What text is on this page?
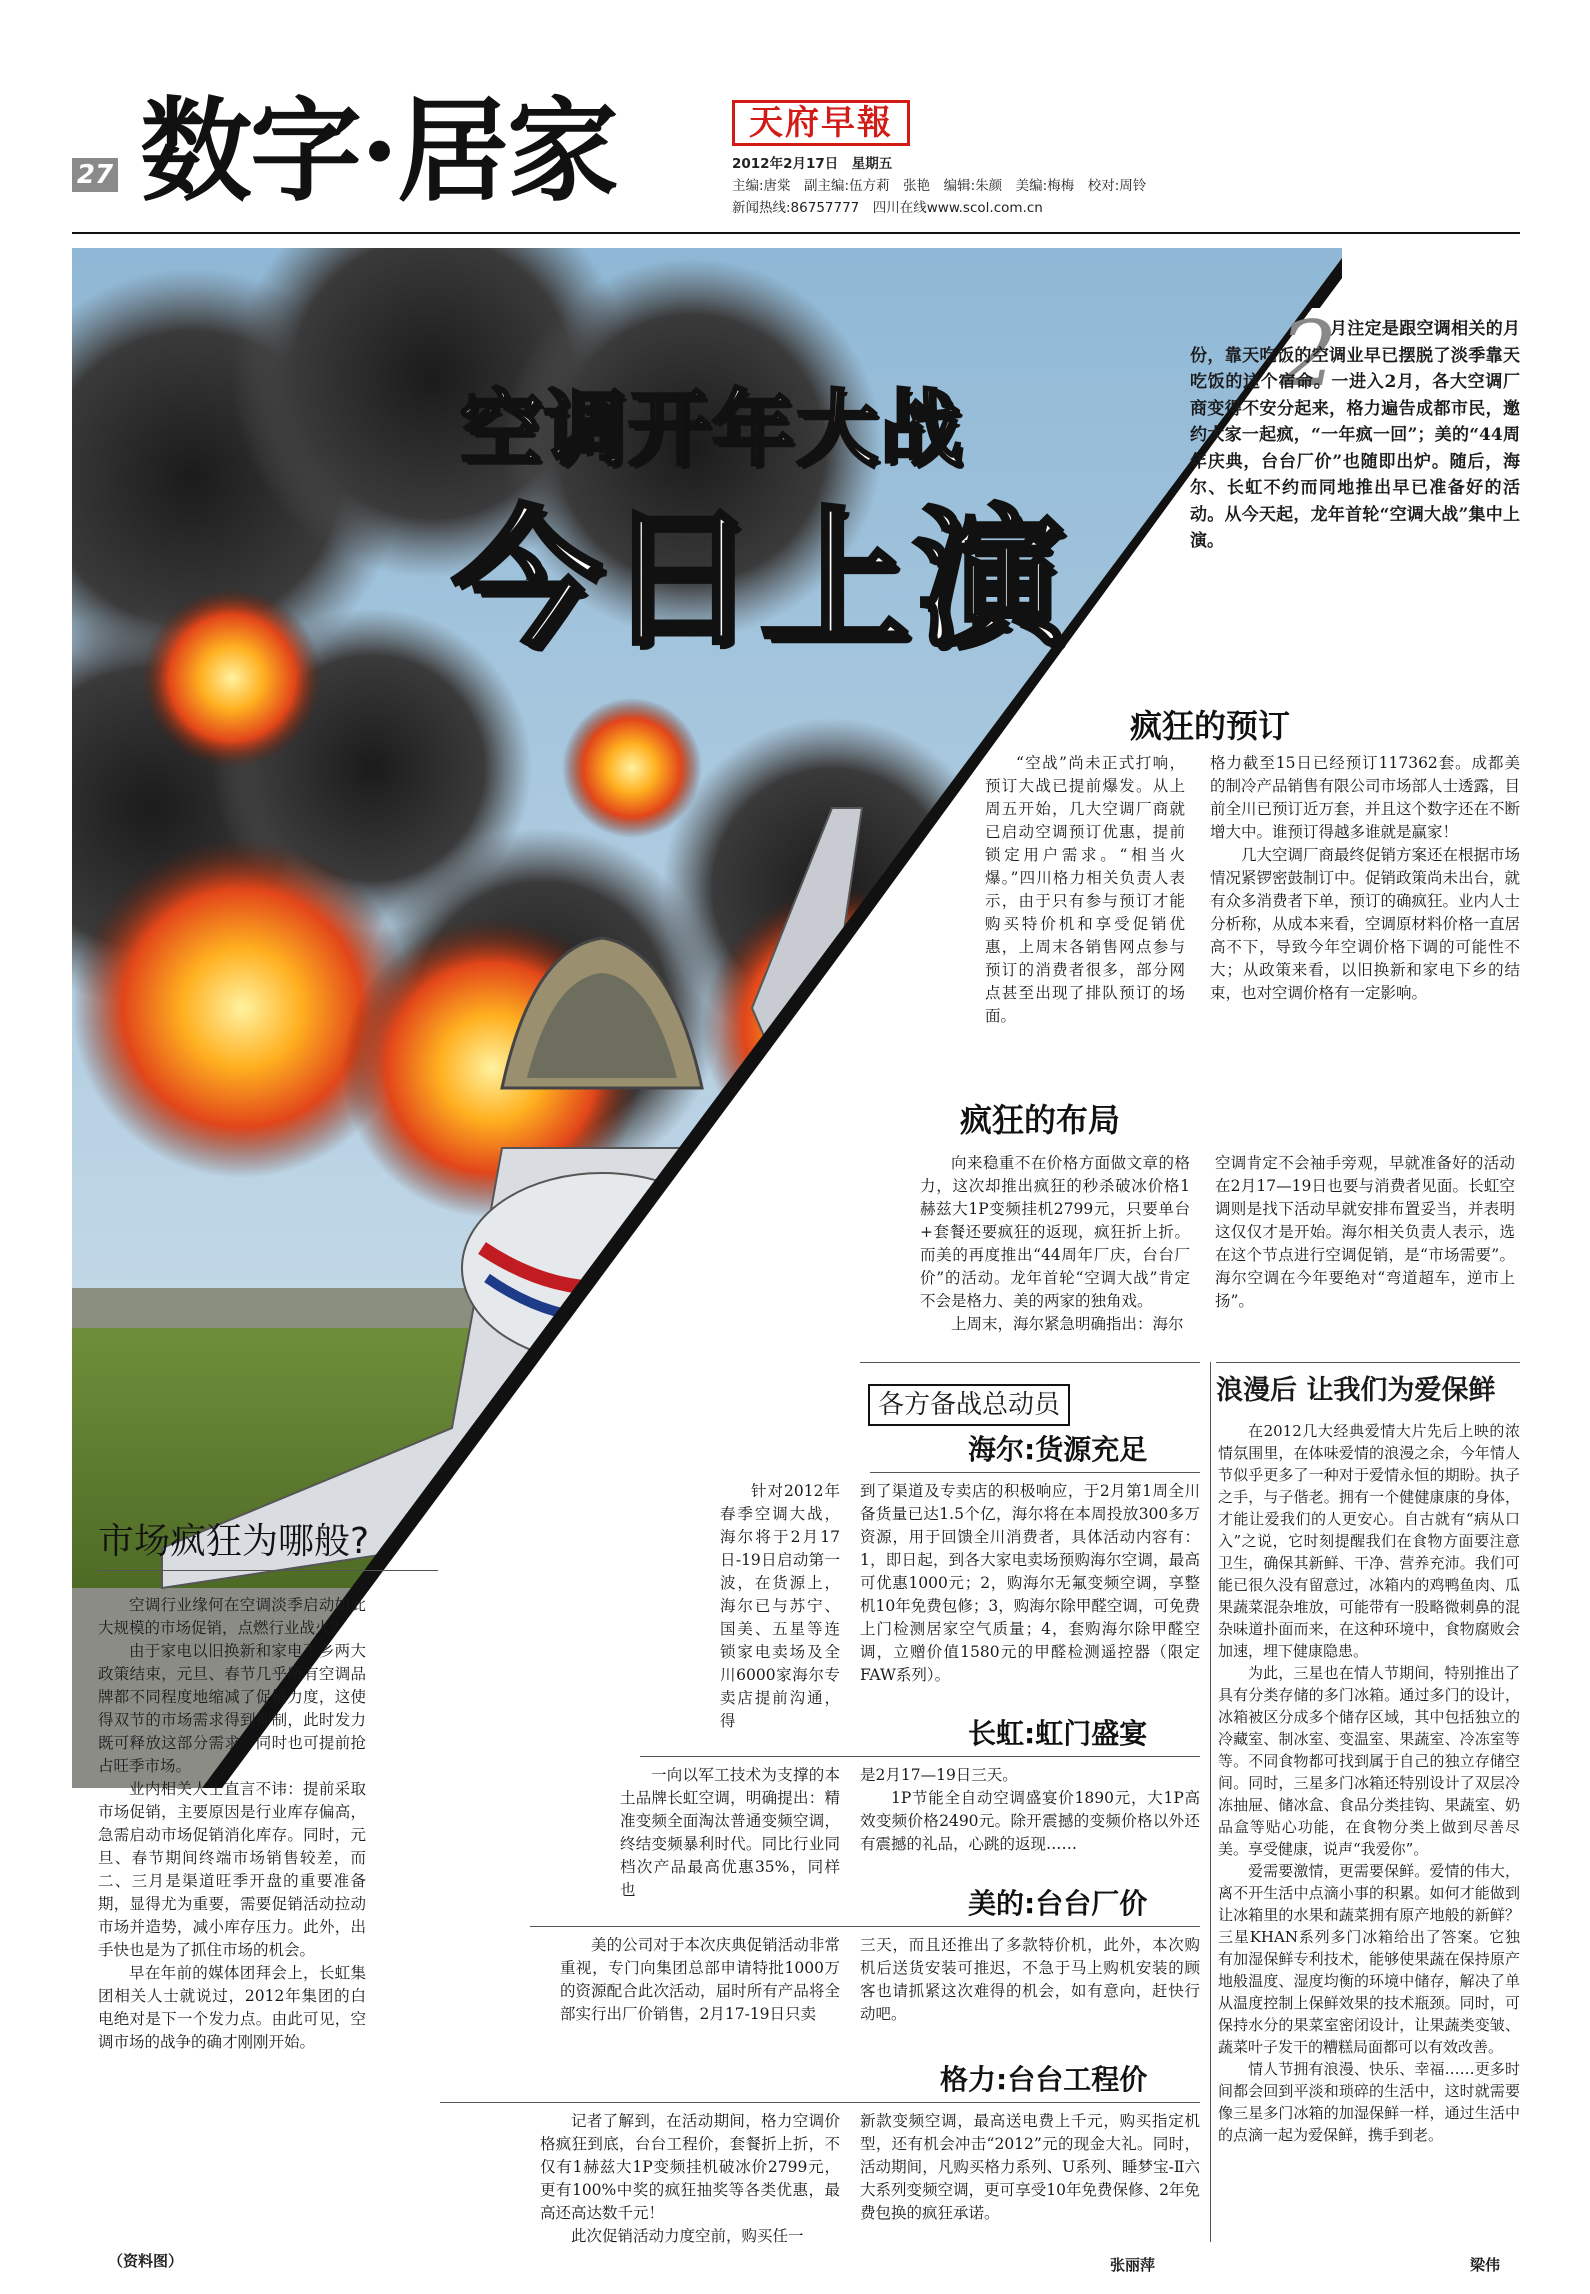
27 数字·居家	天府早報
2012年2月17日　星期五
主编:唐棠　副主编:伍方莉　张艳　编辑:朱颜　美编:梅梅　校对:周铃
新闻热线:86757777　四川在线www.scol.com.cn
空调开年大战
今日上演
2

月注定是跟空调相关的月份，靠天吃饭的空调业早已摆脱了淡季靠天吃饭的这个宿命。一进入2月，各大空调厂商变得不安分起来，格力遍告成都市民，邀约大家一起疯，“一年疯一回”；美的“44周年庆典，台台厂价”也随即出炉。随后，海尔、长虹不约而同地推出早已准备好的活动。从今天起，龙年首轮“空调大战”集中上演。

疯狂的预订

“空战”尚未正式打响，预订大战已提前爆发。从上周五开始，几大空调厂商就已启动空调预订优惠，提前锁定用户需求。“相当火爆。”四川格力相关负责人表示，由于只有参与预订才能购买特价机和享受促销优惠，上周末各销售网点参与预订的消费者很多，部分网点甚至出现了排队预订的场面。

格力截至15日已经预订117362套。成都美的制冷产品销售有限公司市场部人士透露，目前全川已预订近万套，并且这个数字还在不断增大中。谁预订得越多谁就是赢家！

几大空调厂商最终促销方案还在根据市场情况紧锣密鼓制订中。促销政策尚未出台，就有众多消费者下单，预订的确疯狂。业内人士分析称，从成本来看，空调原材料价格一直居高不下，导致今年空调价格下调的可能性不大；从政策来看，以旧换新和家电下乡的结束，也对空调价格有一定影响。

疯狂的布局

向来稳重不在价格方面做文章的格力，这次却推出疯狂的秒杀破冰价格1赫兹大1P变频挂机2799元，只要单台+套餐还要疯狂的返现，疯狂折上折。而美的再度推出“44周年厂庆，台台厂价”的活动。龙年首轮“空调大战”肯定不会是格力、美的两家的独角戏。

上周末，海尔紧急明确指出：海尔

空调肯定不会袖手旁观，早就准备好的活动在2月17—19日也要与消费者见面。长虹空调则是找下活动早就安排布置妥当，并表明这仅仅才是开始。海尔相关负责人表示，选在这个节点进行空调促销，是“市场需要”。海尔空调在今年要绝对“弯道超车，逆市上扬”。

市场疯狂为哪般?

空调行业缘何在空调淡季启动如此大规模的市场促销，点燃行业战火？

由于家电以旧换新和家电下乡两大政策结束，元旦、春节几乎所有空调品牌都不同程度地缩减了促销力度，这使得双节的市场需求得到抑制，此时发力既可释放这部分需求，同时也可提前抢占旺季市场。

业内相关人士直言不讳：提前采取市场促销，主要原因是行业库存偏高，急需启动市场促销消化库存。同时，元旦、春节期间终端市场销售较差，而二、三月是渠道旺季开盘的重要准备期，显得尤为重要，需要促销活动拉动市场并造势，减小库存压力。此外，出手快也是为了抓住市场的机会。

早在年前的媒体团拜会上，长虹集团相关人士就说过，2012年集团的白电绝对是下一个发力点。由此可见，空调市场的战争的确才刚刚开始。

各方备战总动员
海尔:货源充足

针对2012年春季空调大战，海尔将于2月17日-19日启动第一波，在货源上，海尔已与苏宁、国美、五星等连锁家电卖场及全川6000家海尔专卖店提前沟通，得

到了渠道及专卖店的积极响应，于2月第1周全川备货量已达1.5个亿，海尔将在本周投放300多万资源，用于回馈全川消费者，具体活动内容有：1，即日起，到各大家电卖场预购海尔空调，最高可优惠1000元；2，购海尔无氟变频空调，享整机10年免费包修；3，购海尔除甲醛空调，可免费上门检测居家空气质量；4，套购海尔除甲醛空调，立赠价值1580元的甲醛检测遥控器（限定FAW系列）。

长虹:虹门盛宴

一向以军工技术为支撑的本土品牌长虹空调，明确提出：精准变频全面淘汰普通变频空调，终结变频暴利时代。同比行业同档次产品最高优惠35%，同样也

是2月17—19日三天。

1P节能全自动空调盛宴价1890元，大1P高效变频价格2490元。除开震撼的变频价格以外还有震撼的礼品，心跳的返现……

美的:台台厂价

美的公司对于本次庆典促销活动非常重视，专门向集团总部申请特批1000万的资源配合此次活动，届时所有产品将全部实行出厂价销售，2月17-19日只卖

三天，而且还推出了多款特价机，此外，本次购机后送货安装可推迟，不急于马上购机安装的顾客也请抓紧这次难得的机会，如有意向，赶快行动吧。

格力:台台工程价

记者了解到，在活动期间，格力空调价格疯狂到底，台台工程价，套餐折上折，不仅有1赫兹大1P变频挂机破冰价2799元，更有100%中奖的疯狂抽奖等各类优惠，最高还高达数千元！

此次促销活动力度空前，购买任一

新款变频空调，最高送电费上千元，购买指定机型，还有机会冲击“2012”元的现金大礼。同时，活动期间，凡购买格力系列、U系列、睡梦宝-Ⅱ六大系列变频空调，更可享受10年免费保修、2年免费包换的疯狂承诺。

张丽萍
浪漫后 让我们为爱保鲜

在2012几大经典爱情大片先后上映的浓情氛围里，在体味爱情的浪漫之余，今年情人节似乎更多了一种对于爱情永恒的期盼。执子之手，与子偕老。拥有一个健健康康的身体，才能让爱我们的人更安心。自古就有“病从口入”之说，它时刻提醒我们在食物方面要注意卫生，确保其新鲜、干净、营养充沛。我们可能已很久没有留意过，冰箱内的鸡鸭鱼肉、瓜果蔬菜混杂堆放，可能带有一股略微刺鼻的混杂味道扑面而来，在这种环境中，食物腐败会加速，埋下健康隐患。

为此，三星也在情人节期间，特别推出了具有分类存储的多门冰箱。通过多门的设计，冰箱被区分成多个储存区域，其中包括独立的冷藏室、制冰室、变温室、果蔬室、冷冻室等等。不同食物都可找到属于自己的独立存储空间。同时，三星多门冰箱还特别设计了双层冷冻抽屉、储冰盒、食品分类挂钩、果蔬室、奶品盒等贴心功能，在食物分类上做到尽善尽美。享受健康，说声“我爱你”。

爱需要激情，更需要保鲜。爱情的伟大，离不开生活中点滴小事的积累。如何才能做到让冰箱里的水果和蔬菜拥有原产地般的新鲜？三星KHAN系列多门冰箱给出了答案。它独有加湿保鲜专利技术，能够使果蔬在保持原产地般温度、湿度均衡的环境中储存，解决了单从温度控制上保鲜效果的技术瓶颈。同时，可保持水分的果菜室密闭设计，让果蔬类变皱、蔬菜叶子发干的糟糕局面都可以有效改善。

情人节拥有浪漫、快乐、幸福……更多时间都会回到平淡和琐碎的生活中，这时就需要像三星多门冰箱的加湿保鲜一样，通过生活中的点滴一起为爱保鲜，携手到老。

梁伟
（资料图）
